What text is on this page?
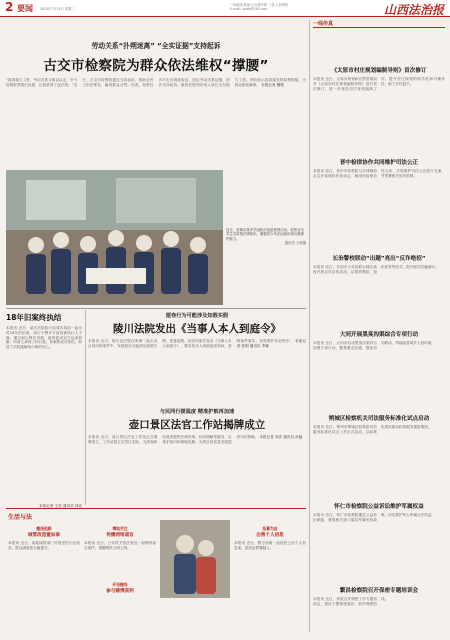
2 要闻 2025年7月15日 星期二
一线新闻·新闻 区行看法制 三晋·人民网络
E-mail: sxfzb@163.com	山西法治报
劳动关系“扑朔迷离” “全实证据”支持起诉
古交市检察院为群众依法维权“撑腰”
“我被拖欠工资，劳动关系又难以认定，多亏检察院帮我们出面，让我拿回了血汗钱。”近日，古交市检察院通过支持起诉，帮助农民工依法维权，赢得群众点赞。经查，检察官多次走访调查取证，固定劳动关系证据，依法支持起诉，最终法院判决用人单位支付拖欠工资。该院表示将持续发挥检察职能，为群众排忧解难。 本报记者 魏强
近日，晋城市某中学组织法治进校园活动，检察官为学生们讲授法律知识，增强青少年法治意识和自我保护能力。
通讯员 王晓摄
一线传真
《太原市村庄规划编制导则》首次修订
本报讯 近日，太原市规划和自然资源局对《太原市村庄规划编制导则》进行首次修订，进一步规范村庄规划编制工作，提升村庄规划的科学性和可操作性，助力乡村振兴。
晋中检律协作共同维护司法公正
本报讯 近日，晋中市检察院与市律师协会召开检律协作座谈会，就深化检律良性互动、共同维护司法公正进行交流，并签署相关协作机制。
长治警校联动“出题”亮出“反诈绝招”
本报讯 近日，长治市公安局联合辖区高校开展反诈宣传活动，以情景模拟、知识问答等形式，提升师生防骗意识。
大同开展黑臭沟渠综合专项行动
本报讯 近日，大同市启动黑臭沟渠综合治理专项行动，聚焦重点区域，强化协同联动，持续改善城乡人居环境。
朔城区检察机关司法服务标准化试点启动
本报讯 近日，朔州市朔城区检察院司法服务标准化试点工作正式启动，以标准化建设推动检察服务提质增效。
怀仁市检察院公益诉讼维护军属权益
本报讯 近日，怀仁市检察院通过公益诉讼职能，督促相关部门落实军属优待政策，切实维护军人军属合法权益。
繁昌检察院召开保密专题培训会
本报讯 近日，该院召开保密工作专题培训会，强化干警保密意识，筑牢保密防线。
18年旧案终执结
本报讯 近日，某区法院执行局成功执结一起历时18年的旧案。执行干警多方查找被执行人下落，通过耐心释法说理，最终促成双方达成和解，申请人拿到了执行款。该案的成功执结，彰显了法院破解执行难的决心。
本报记者 王浩 通讯员 刘佳
厘卷行为可能涉及知假买假
陵川法院发出《当事人本人到庭令》
本报讯 近日，陵川县法院在审理一起买卖合同纠纷案件中，发现原告可能涉及知假买假、恶意索赔，依法向原告发出《当事人本人到庭令》，要求其本人到庭接受询问，查明案件事实，有效维护诉讼秩序。 本报记者 张明 通讯员 李娜
与民同行提温度 精准护航再加速
壶口景区法官工作站揭牌成立
本报讯 近日，壶口景区法官工作站正式揭牌成立。工作站将立足景区实际，为游客和经营者提供法律咨询、纠纷调解等服务，实现矛盾纠纷就地化解，为景区高质量发展提供司法保障。 本报记者 刘洋 通讯员 孙磊
生活与法
搬线追踪
城管改造重如泰
本报讯 近日，某地城管部门开展老旧小区改造，群众满意度大幅提升。
博取关注
传播网络谣言
本报讯 近日，公安机关依法查处一起网络谣言案件，提醒网民文明上网。
开设赌场
参与赌博获利
招募为由
出售个人信息
本报讯 近日，警方侦破一起侵犯公民个人信息案，抓获犯罪嫌疑人。
